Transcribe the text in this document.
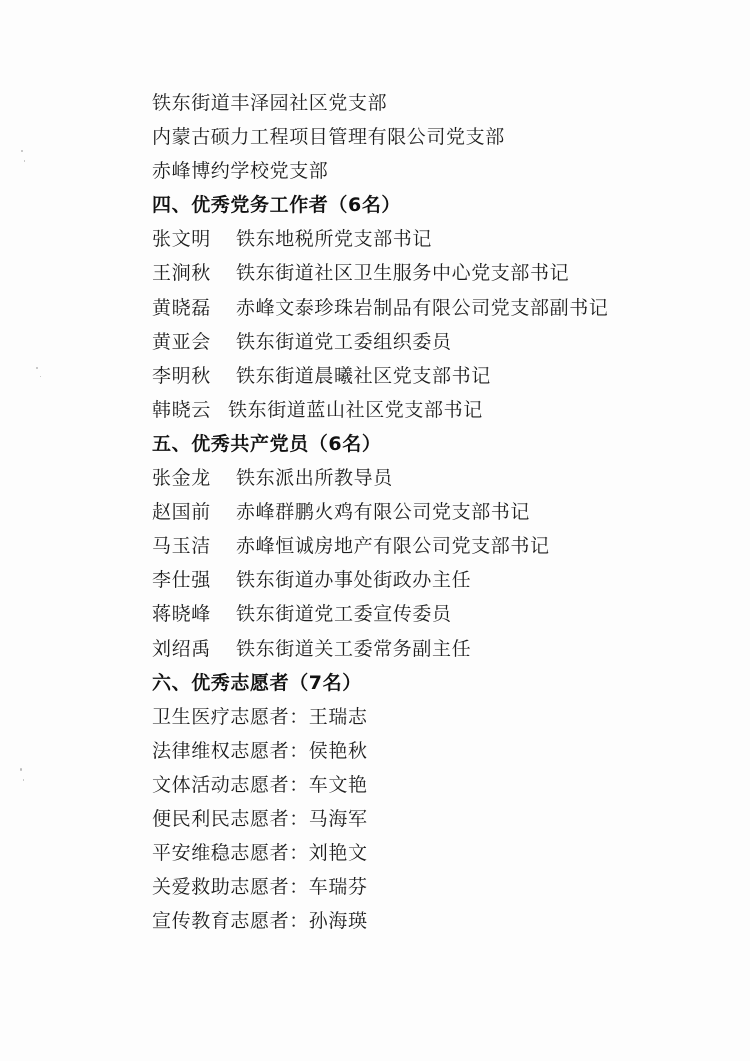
铁东街道丰泽园社区党支部
内蒙古硕力工程项目管理有限公司党支部
赤峰博约学校党支部
四、优秀党务工作者（6名）
张文明 铁东地税所党支部书记
王涧秋 铁东街道社区卫生服务中心党支部书记
黄晓磊 赤峰文泰珍珠岩制品有限公司党支部副书记
黄亚会 铁东街道党工委组织委员
李明秋 铁东街道晨曦社区党支部书记
韩晓云 铁东街道蓝山社区党支部书记
五、优秀共产党员（6名）
张金龙 铁东派出所教导员
赵国前 赤峰群鹏火鸡有限公司党支部书记
马玉洁 赤峰恒诚房地产有限公司党支部书记
李仕强 铁东街道办事处街政办主任
蒋晓峰 铁东街道党工委宣传委员
刘绍禹 铁东街道关工委常务副主任
六、优秀志愿者（7名）
卫生医疗志愿者：王瑞志
法律维权志愿者：侯艳秋
文体活动志愿者：车文艳
便民利民志愿者：马海军
平安维稳志愿者：刘艳文
关爱救助志愿者：车瑞芬
宣传教育志愿者：孙海瑛
